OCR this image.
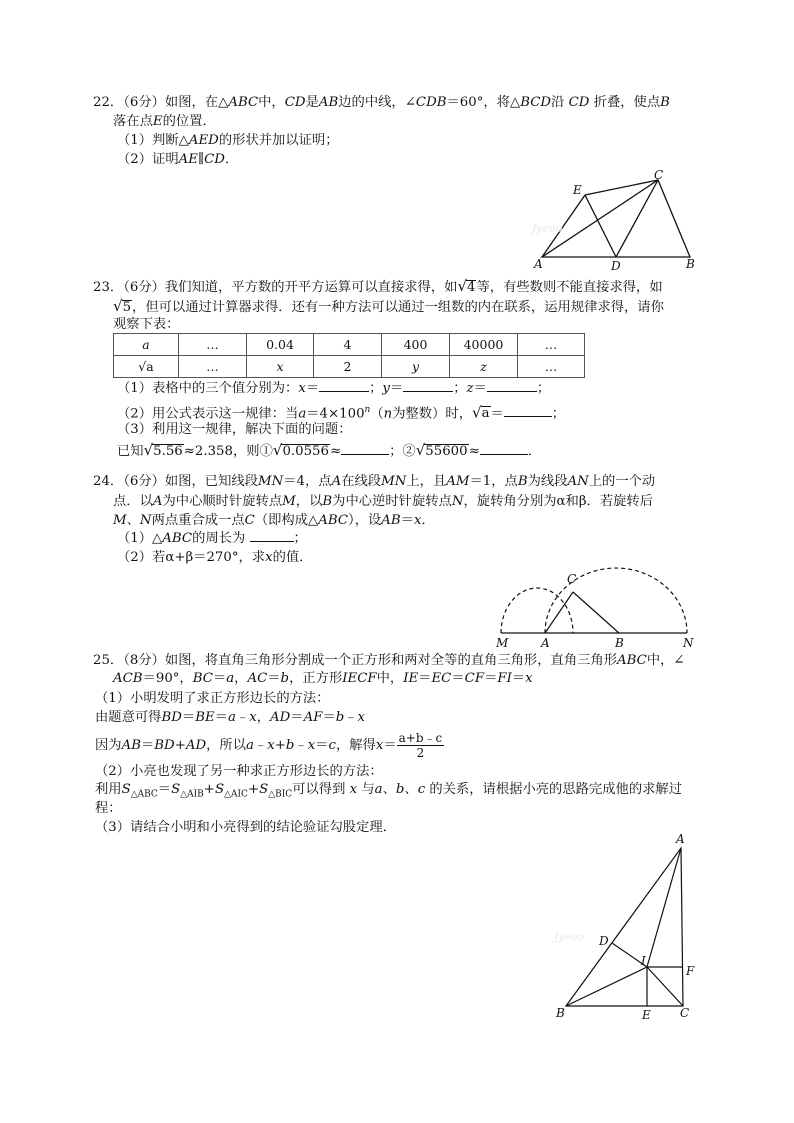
22．（6分）如图，在△ABC中，CD是AB边的中线，∠CDB＝60°，将△BCD沿 CD 折叠，使点B
落在点E的位置．
（1）判断△AED的形状并加以证明；
（2）证明AE∥CD．
E
C
A	D	B
Jyeoo
23．（6分）我们知道，平方数的开平方运算可以直接求得，如√4等，有些数则不能直接求得，如
√5，但可以通过计算器求得．还有一种方法可以通过一组数的内在联系，运用规律求得，请你
观察下表：
a	…	0.04	4	400	40000	…
√a	…	x	2	y	z	…
（1）表格中的三个值分别为：x＝	；y＝	；z＝	；
（2）用公式表示这一规律：当$a=4\times 100^n(n$为整数）时，√a＝	；
（3）利用这一规律，解决下面的问题：
已知√5.56≈2.358，则①√0.0556≈	；②√55600≈	．
24．（6分）如图，已知线段MN＝4，点A在线段MN上，且AM＝1，点B为线段AN上的一个动
点．以A为中心顺时针旋转点M，以B为中心逆时针旋转点N，旋转角分别为α和β．若旋转后
M、N两点重合成一点C（即构成△ABC），设AB＝x．
（1）△ABC的周长为	；
（2）若α+β＝270°，求x的值．
C
M	A	B	N
25．（8分）如图，将直角三角形分割成一个正方形和两对全等的直角三角形，直角三角形ABC中，∠
ACB＝90°，BC＝a，AC＝b，正方形IECF中，IE＝EC＝CF＝FI＝x
（1）小明发明了求正方形边长的方法：
由题意可得BD＝BE＝a﹣x，AD＝AF＝b﹣x
因为AB＝BD+AD，所以a﹣x+b﹣x＝c，解得$x= \frac{a+b﹣c}{2}$
（2）小亮也发现了另一种求正方形边长的方法：
利用$S_{\triangle ABC}=S_{\triangle AIB}+S_{\triangle AIC}+S_{\triangle BIC}$可以得到 x 与a、b、c 的关系，请根据小亮的思路完成他的求解过
程：
（3）请结合小明和小亮得到的结论验证勾股定理．
A
D
I
F
B	E C
Jyeoo
